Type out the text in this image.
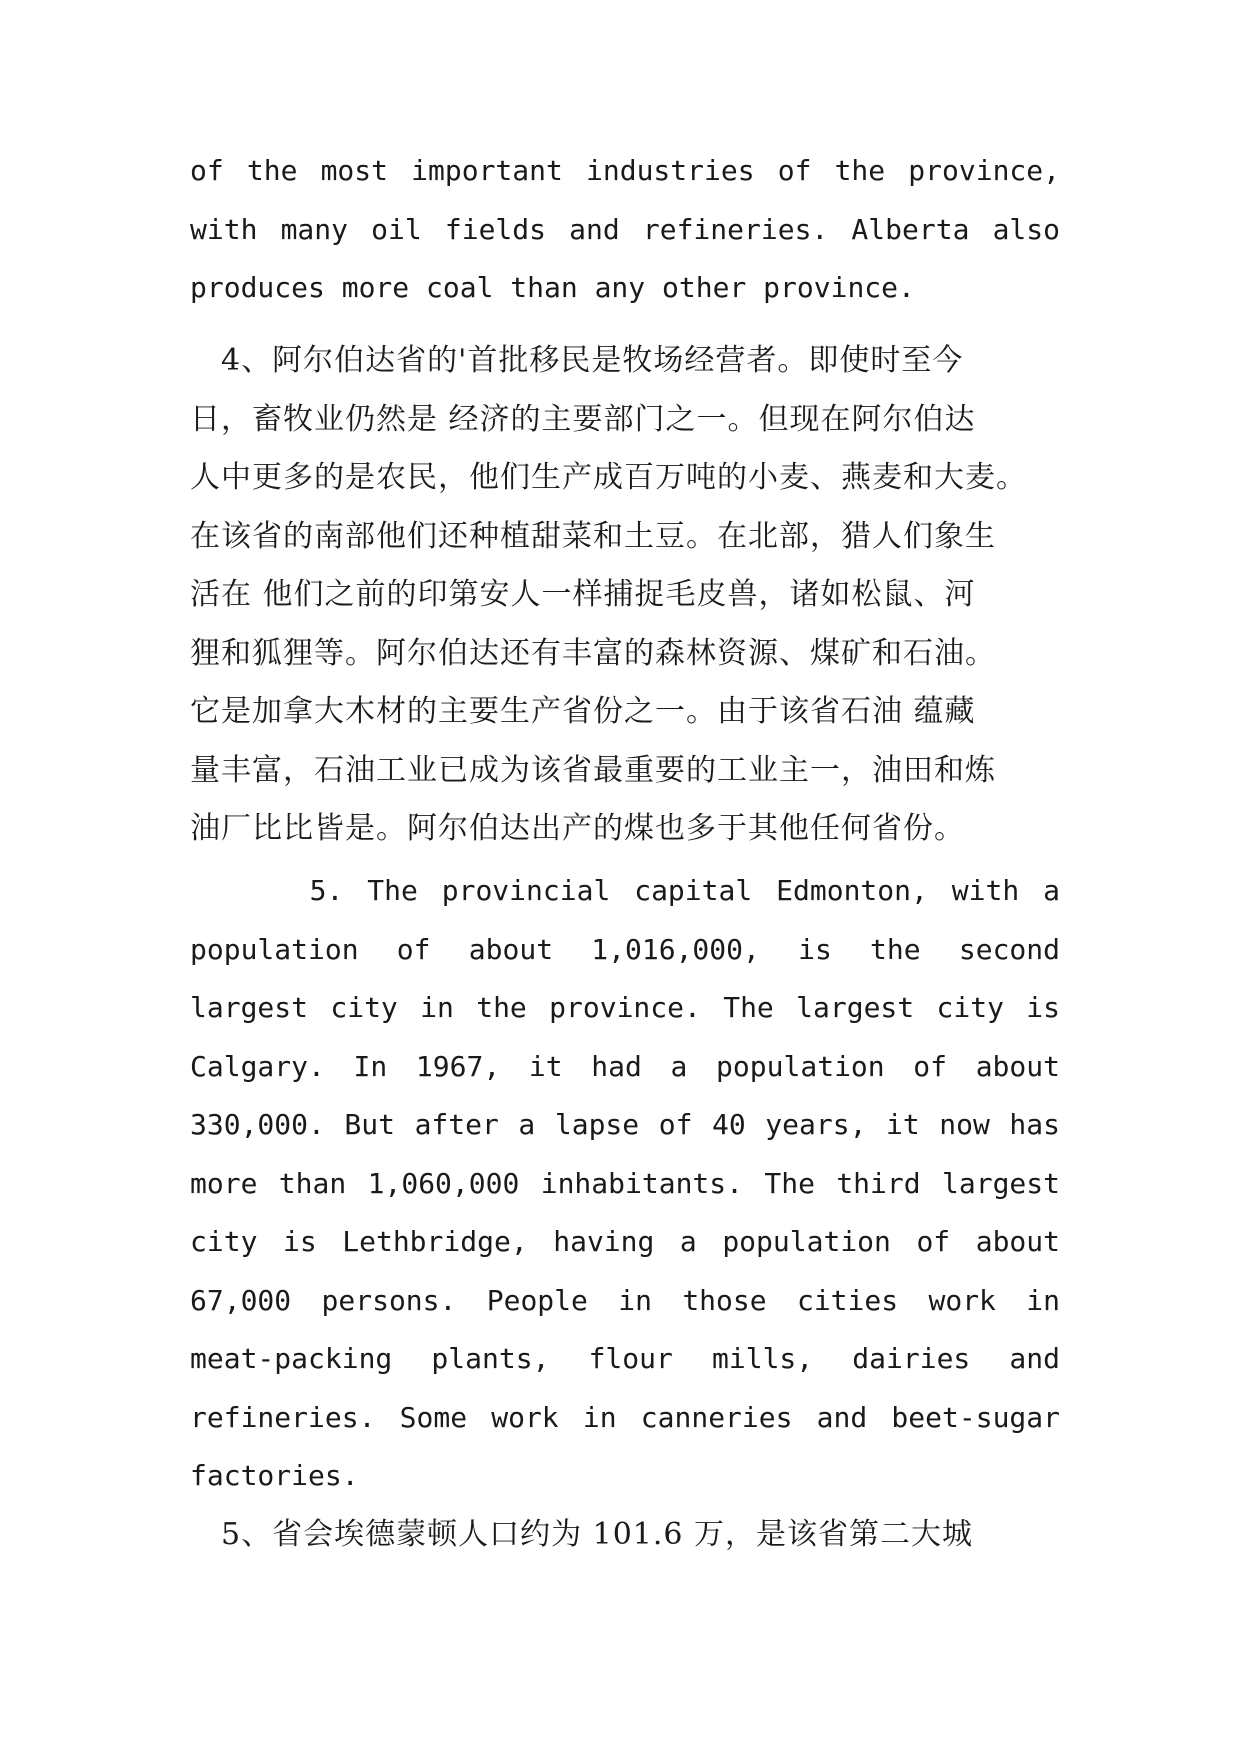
of the most important industries of the province,
with many oil fields and refineries. Alberta also
produces more coal than any other province.
　4、阿尔伯达省的'首批移民是牧场经营者。即使时至今
日，畜牧业仍然是 经济的主要部门之一。但现在阿尔伯达
人中更多的是农民，他们生产成百万吨的小麦、燕麦和大麦。
在该省的南部他们还种植甜菜和土豆。在北部，猎人们象生
活在 他们之前的印第安人一样捕捉毛皮兽，诸如松鼠、河
狸和狐狸等。阿尔伯达还有丰富的森林资源、煤矿和石油。
它是加拿大木材的主要生产省份之一。由于该省石油 蕴藏
量丰富，石油工业已成为该省最重要的工业主一，油田和炼
油厂比比皆是。阿尔伯达出产的煤也多于其他任何省份。
5. The provincial capital Edmonton, with a
population of about 1,016,000, is the second
largest city in the province. The largest city is
Calgary. In 1967, it had a population of about
330,000. But after a lapse of 40 years, it now has
more than 1,060,000 inhabitants. The third largest
city is Lethbridge, having a population of about
67,000 persons. People in those cities work in
meat-packing plants, flour mills, dairies and
refineries. Some work in canneries and beet-sugar
factories.
　5、省会埃德蒙顿人口约为 101.6 万，是该省第二大城
